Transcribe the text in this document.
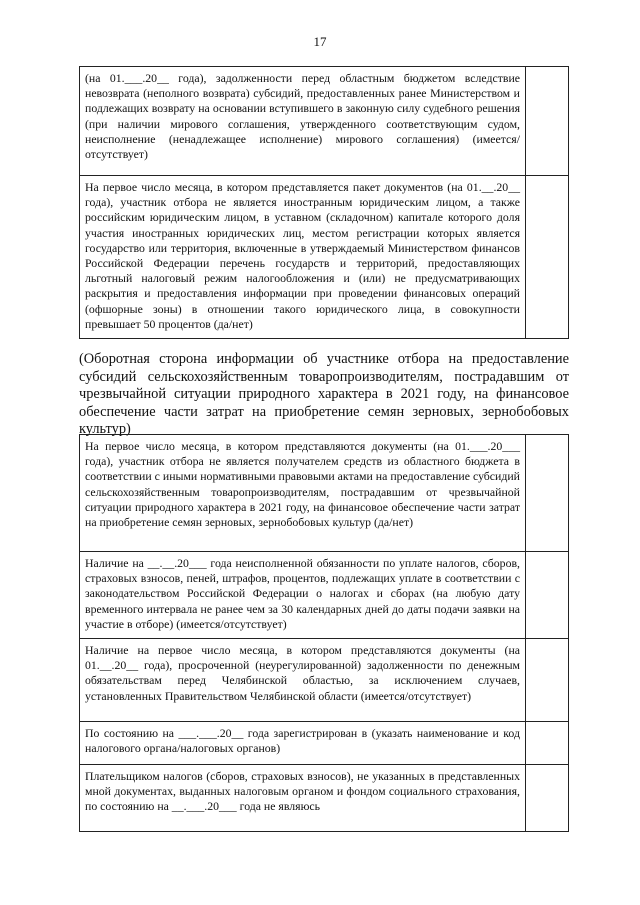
17
(на 01.___.20__ года), задолженности перед областным бюджетом вследствие невозврата (неполного возврата) субсидий, предоставленных ранее Министерством и подлежащих возврату на основании вступившего в законную силу судебного решения (при наличии мирового соглашения, утвержденного соответствующим судом, неисполнение (ненадлежащее исполнение) мирового соглашения) (имеется/отсутствует)	
На первое число месяца, в котором представляется пакет документов (на 01.__.20__ года), участник отбора не является иностранным юридическим лицом, а также российским юридическим лицом, в уставном (складочном) капитале которого доля участия иностранных юридических лиц, местом регистрации которых является государство или территория, включенные в утверждаемый Министерством финансов Российской Федерации перечень государств и территорий, предоставляющих льготный налоговый режим налогообложения и (или) не предусматривающих раскрытия и предоставления информации при проведении финансовых операций (офшорные зоны) в отношении такого юридического лица, в совокупности превышает 50 процентов (да/нет)	
(Оборотная сторона информации об участнике отбора на предоставление субсидий сельскохозяйственным товаропроизводителям, пострадавшим от чрезвычайной ситуации природного характера в 2021 году, на финансовое обеспечение части затрат на приобретение семян зерновых, зернобобовых культур)
На первое число месяца, в котором представляются документы (на 01.___.20___ года), участник отбора не является получателем средств из областного бюджета в соответствии с иными нормативными правовыми актами на предоставление субсидий сельскохозяйственным товаропроизводителям, пострадавшим от чрезвычайной ситуации природного характера в 2021 году, на финансовое обеспечение части затрат на приобретение семян зерновых, зернобобовых культур (да/нет)	
Наличие на __.__.20___ года неисполненной обязанности по уплате налогов, сборов, страховых взносов, пеней, штрафов, процентов, подлежащих уплате в соответствии с законодательством Российской Федерации о налогах и сборах (на любую дату временного интервала не ранее чем за 30 календарных дней до даты подачи заявки на участие в отборе) (имеется/отсутствует)	
Наличие на первое число месяца, в котором представляются документы (на 01.__.20__ года), просроченной (неурегулированной) задолженности по денежным обязательствам перед Челябинской областью, за исключением случаев, установленных Правительством Челябинской области (имеется/отсутствует)	
По состоянию на ___.___.20__ года зарегистрирован в (указать наименование и код налогового органа/налоговых органов)	
Плательщиком налогов (сборов, страховых взносов), не указанных в представленных мной документах, выданных налоговым органом и фондом социального страхования, по состоянию на __.___.20___ года не являюсь	
